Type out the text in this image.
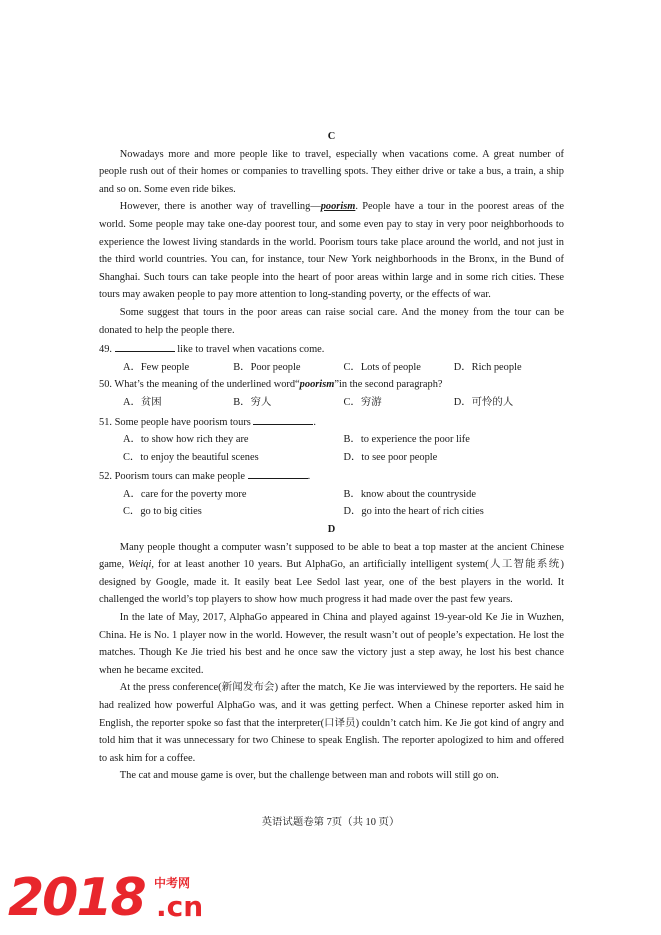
C

Nowadays more and more people like to travel, especially when vacations come. A great number of people rush out of their homes or companies to travelling spots. They either drive or take a bus, a train, a ship and so on. Some even ride bikes.

However, there is another way of travelling—poorism. People have a tour in the poorest areas of the world. Some people may take one-day poorest tour, and some even pay to stay in very poor neighborhoods to experience the lowest living standards in the world. Poorism tours take place around the world, and not just in the third world countries. You can, for instance, tour New York neighborhoods in the Bronx, in the Bund of Shanghai. Such tours can take people into the heart of poor areas within large and in some rich cities. These tours may awaken people to pay more attention to long-standing poverty, or the effects of war.

Some suggest that tours in the poor areas can raise social care. And the money from the tour can be donated to help the people there.

49.	like to travel when vacations come.
A．Few people	B．Poor people	C．Lots of people	D．Rich people
50. What’s the meaning of the underlined word“poorism”in the second paragraph?
A．贫困	B．穷人	C．穷游	D．可怜的人
51. Some people have poorism tours	.
A．to show how rich they are	B．to experience the poor life
C．to enjoy the beautiful scenes	D．to see poor people
52. Poorism tours can make people	.
A．care for the poverty more	B．know about the countryside
C．go to big cities	D．go into the heart of rich cities
D

Many people thought a computer wasn’t supposed to be able to beat a top master at the ancient Chinese game, Weiqi, for at least another 10 years. But AlphaGo, an artificially intelligent system(人工智能系统) designed by Google, made it. It easily beat Lee Sedol last year, one of the best players in the world. It challenged the world’s top players to show how much progress it had made over the past few years.

In the late of May, 2017, AlphaGo appeared in China and played against 19-year-old Ke Jie in Wuzhen, China. He is No. 1 player now in the world. However, the result wasn’t out of people’s expectation. He lost the matches. Though Ke Jie tried his best and he once saw the victory just a step away, he lost his best chance when he became excited.

At the press conference(新闻发布会) after the match, Ke Jie was interviewed by the reporters. He said he had realized how powerful AlphaGo was, and it was getting perfect. When a Chinese reporter asked him in English, the reporter spoke so fast that the interpreter(口译员) couldn’t catch him. Ke Jie got kind of angry and told him that it was unnecessary for two Chinese to speak English. The reporter apologized to him and offered to ask him for a coffee.

The cat and mouse game is over, but the challenge between man and robots will still go on.

英语试题卷第 7页（共 10 页）
2018 中考网
.cn
